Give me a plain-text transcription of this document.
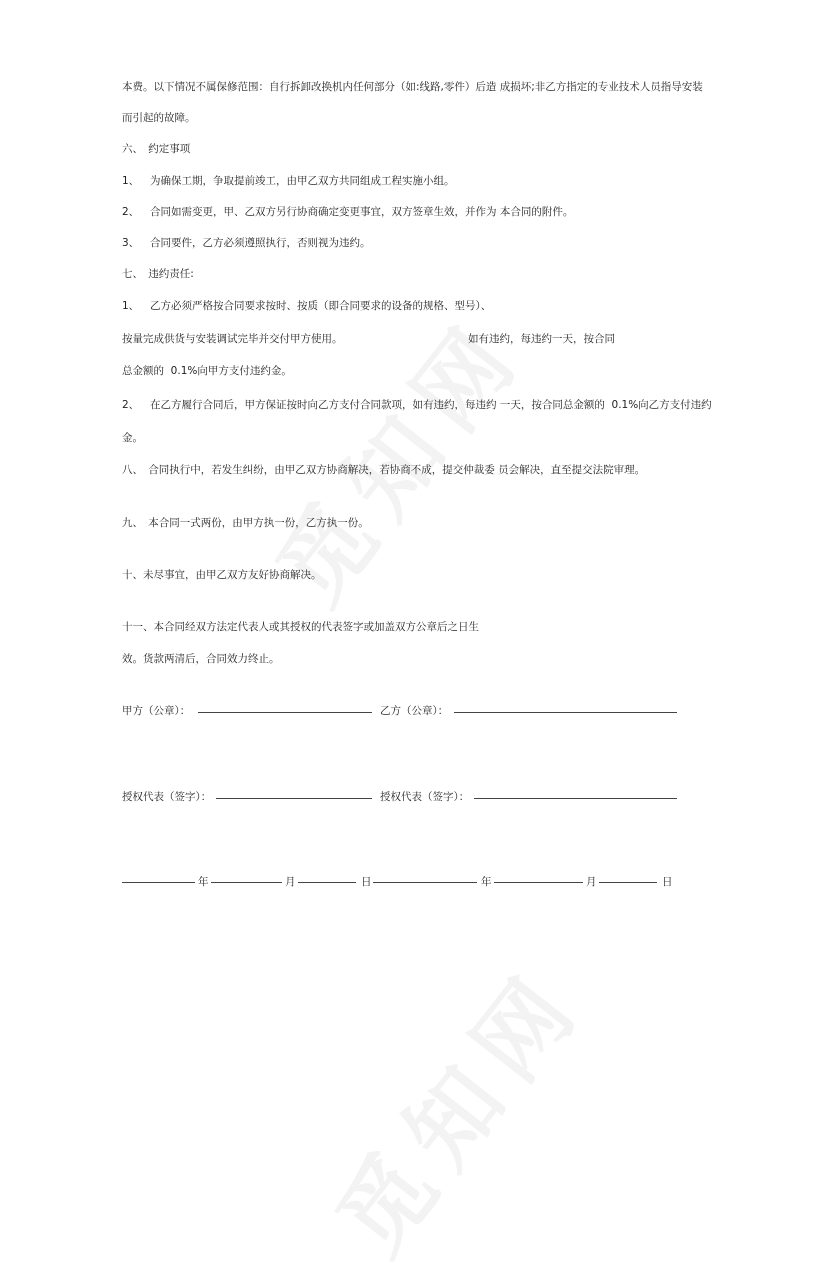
本费。以下情况不属保修范围：自行拆卸改换机内任何部分（如:线路,零件）后造 成损坏;非乙方指定的专业技术人员指导安装
而引起的故障。
六、　约定事项
1、 为确保工期，争取提前竣工，由甲乙双方共同组成工程实施小组。
2、 合同如需变更，甲、乙双方另行协商确定变更事宜，双方签章生效，并作为 本合同的附件。
3、 合同要件，乙方必须遵照执行，否则视为违约。
七、　违约责任:
1、 乙方必须严格按合同要求按时、按质（即合同要求的设备的规格、型号）、
按量完成供货与安装调试完毕并交付甲方使用。	如有违约，每违约一天，按合同
总金额的  0.1%向甲方支付违约金。
2、 在乙方履行合同后，甲方保证按时向乙方支付合同款项，如有违约，每违约 一天，按合同总金额的  0.1%向乙方支付违约
金。
八、　合同执行中，若发生纠纷，由甲乙双方协商解决，若协商不成，提交仲裁委 员会解决，直至提交法院审理。
九、　本合同一式两份，由甲方执一份，乙方执一份。
十、未尽事宜，由甲乙双方友好协商解决。
十一、本合同经双方法定代表人或其授权的代表签字或加盖双方公章后之日生
效。货款两清后，合同效力终止。
甲方（公章）：	乙方（公章）：
授权代表（签字）：	授权代表（签字）：
年	月	日	年	月	日
